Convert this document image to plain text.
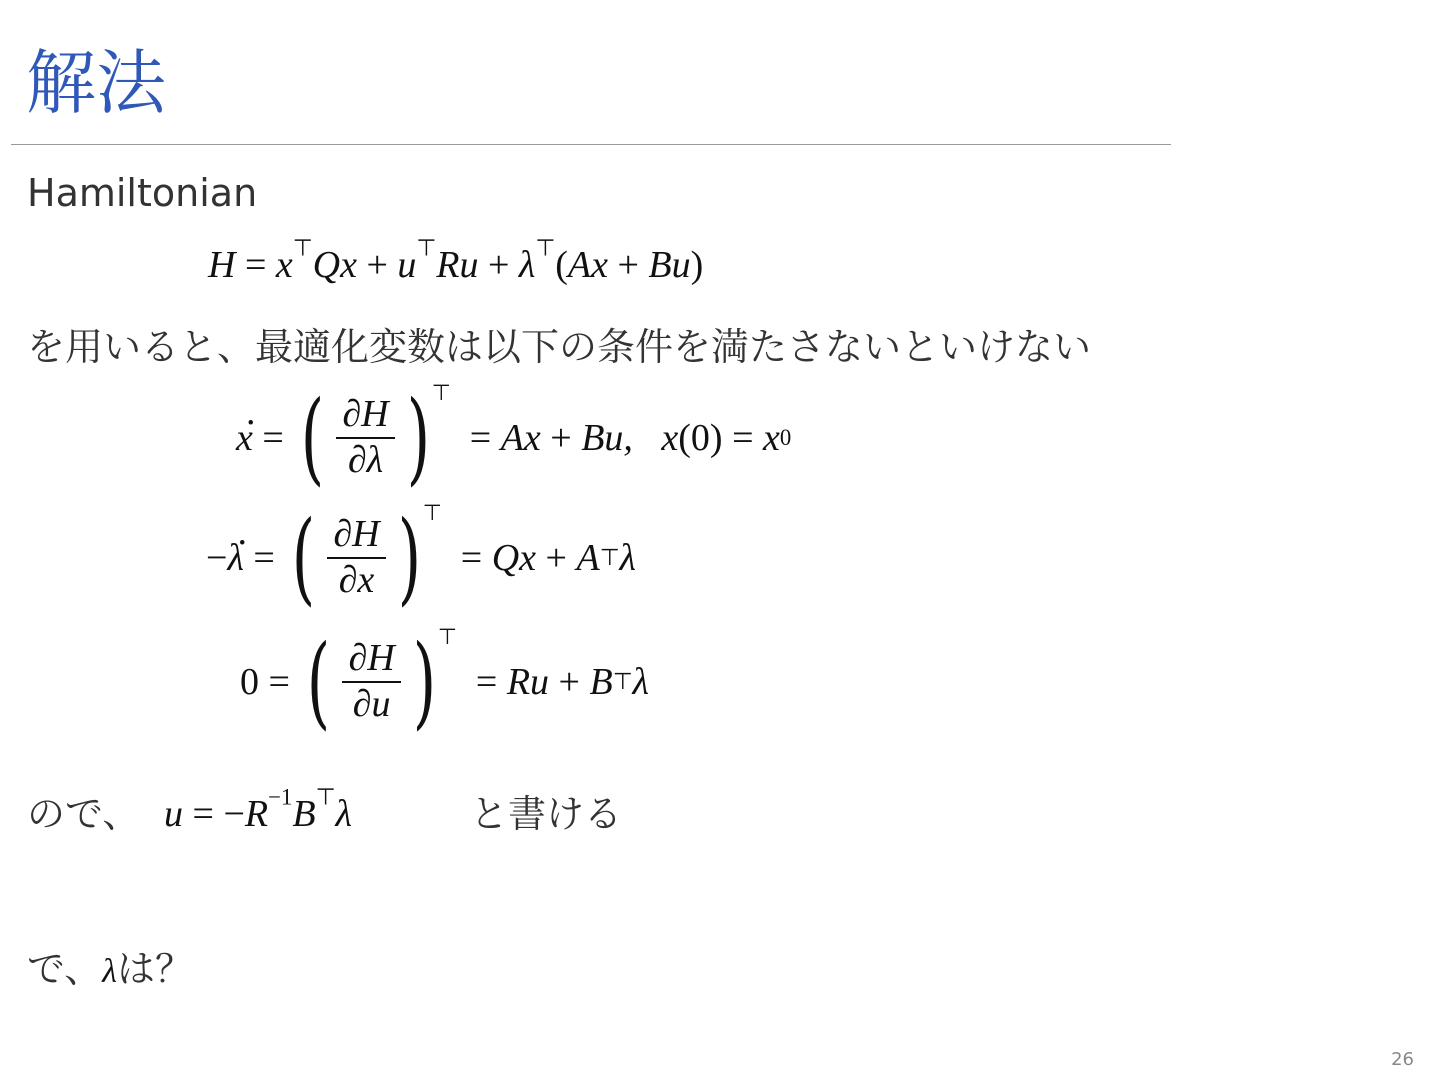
解法
Hamiltonian
H = x⊤Qx + u⊤Ru + λ⊤(Ax + Bu)
を用いると、最適化変数は以下の条件を満たさないといけない
x .
=
( $\frac{\partial H}{\partial\lambda}$ ) ⊤

= Ax + Bu,   x (0) = x 0
− λ .
=
( $\frac{\partial H}{\partial x}$ ) ⊤

= Qx + A ⊤ λ
0 =
( $\frac{\partial H}{\partial u}$ ) ⊤

= Ru + B ⊤ λ
ので、 $u = -R^{-1}B^⊤\lambda$	と書ける
で、λは？
26
